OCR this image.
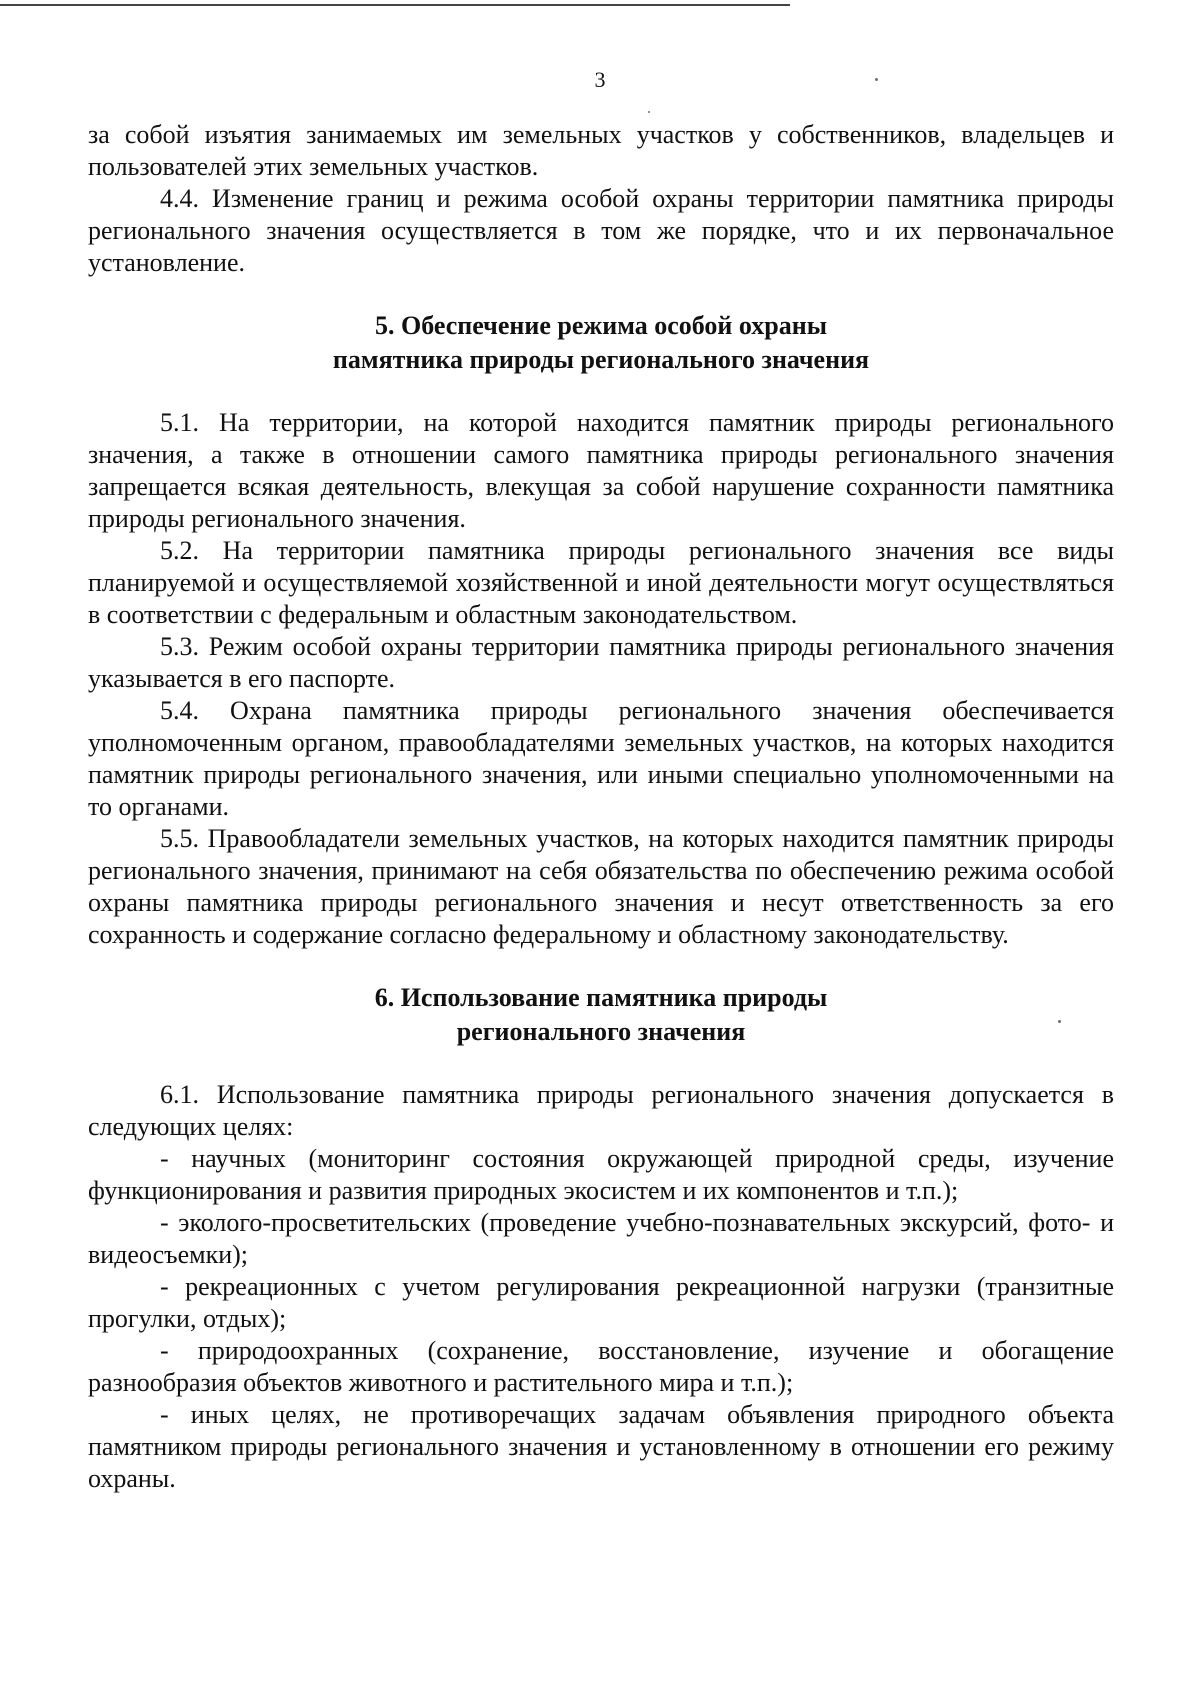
3

за собой изъятия занимаемых им земельных участков у собственников, владельцев и пользователей этих земельных участков.

4.4. Изменение границ и режима особой охраны территории памятника природы регионального значения осуществляется в том же порядке, что и их первоначальное установление.

5. Обеспечение режима особой охраны
памятника природы регионального значения

5.1. На территории, на которой находится памятник природы регионального значения, а также в отношении самого памятника природы регионального значения запрещается всякая деятельность, влекущая за собой нарушение сохранности памятника природы регионального значения.

5.2. На территории памятника природы регионального значения все виды планируемой и осуществляемой хозяйственной и иной деятельности могут осуществляться в соответствии с федеральным и областным законодательством.

5.3. Режим особой охраны территории памятника природы регионального значения указывается в его паспорте.

5.4. Охрана памятника природы регионального значения обеспечивается уполномоченным органом, правообладателями земельных участков, на которых находится памятник природы регионального значения, или иными специально уполномоченными на то органами.

5.5. Правообладатели земельных участков, на которых находится памятник природы регионального значения, принимают на себя обязательства по обеспечению режима особой охраны памятника природы регионального значения и несут ответственность за его сохранность и содержание согласно федеральному и областному законодательству.

6. Использование памятника природы
регионального значения

6.1. Использование памятника природы регионального значения допускается в следующих целях:

- научных (мониторинг состояния окружающей природной среды, изучение функционирования и развития природных экосистем и их компонентов и т.п.);

- эколого-просветительских (проведение учебно-познавательных экскурсий, фото- и видеосъемки);

- рекреационных с учетом регулирования рекреационной нагрузки (транзитные прогулки, отдых);

- природоохранных (сохранение, восстановление, изучение и обогащение разнообразия объектов животного и растительного мира и т.п.);

- иных целях, не противоречащих задачам объявления природного объекта памятником природы регионального значения и установленному в отношении его режиму охраны.
